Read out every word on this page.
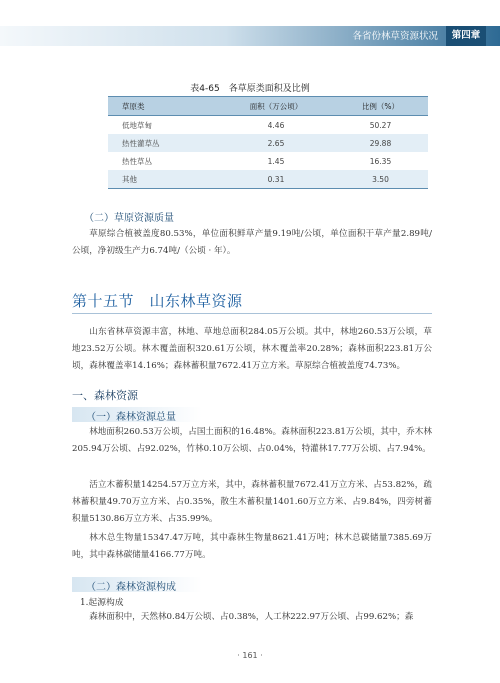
各省份林草资源状况	第四章
表4-65　各草原类面积及比例
草原类	面积（万公顷）	比例（%）
低地草甸	4.46	50.27
热性灌草丛	2.65	29.88
热性草丛	1.45	16.35
其他	0.31	3.50
（二）草原资源质量

草原综合植被盖度80.53%，单位面积鲜草产量9.19吨/公顷，单位面积干草产量2.89吨/公顷，净初级生产力6.74吨/（公顷 · 年）。

第十五节　山东林草资源

山东省林草资源丰富，林地、草地总面积284.05万公顷。其中，林地260.53万公顷，草地23.52万公顷。林木覆盖面积320.61万公顷，林木覆盖率20.28%；森林面积223.81万公顷，森林覆盖率14.16%；森林蓄积量7672.41万立方米。草原综合植被盖度74.73%。

一、森林资源
（一）森林资源总量

林地面积260.53万公顷，占国土面积的16.48%。森林面积223.81万公顷，其中，乔木林205.94万公顷、占92.02%，竹林0.10万公顷、占0.04%，特灌林17.77万公顷、占7.94%。

活立木蓄积量14254.57万立方米，其中，森林蓄积量7672.41万立方米、占53.82%，疏林蓄积量49.70万立方米、占0.35%，散生木蓄积量1401.60万立方米、占9.84%，四旁树蓄积量5130.86万立方米、占35.99%。

林木总生物量15347.47万吨，其中森林生物量8621.41万吨；林木总碳储量7385.69万吨，其中森林碳储量4166.77万吨。

（二）森林资源构成
1.起源构成

森林面积中，天然林0.84万公顷、占0.38%，人工林222.97万公顷、占99.62%；森

· 161 ·
